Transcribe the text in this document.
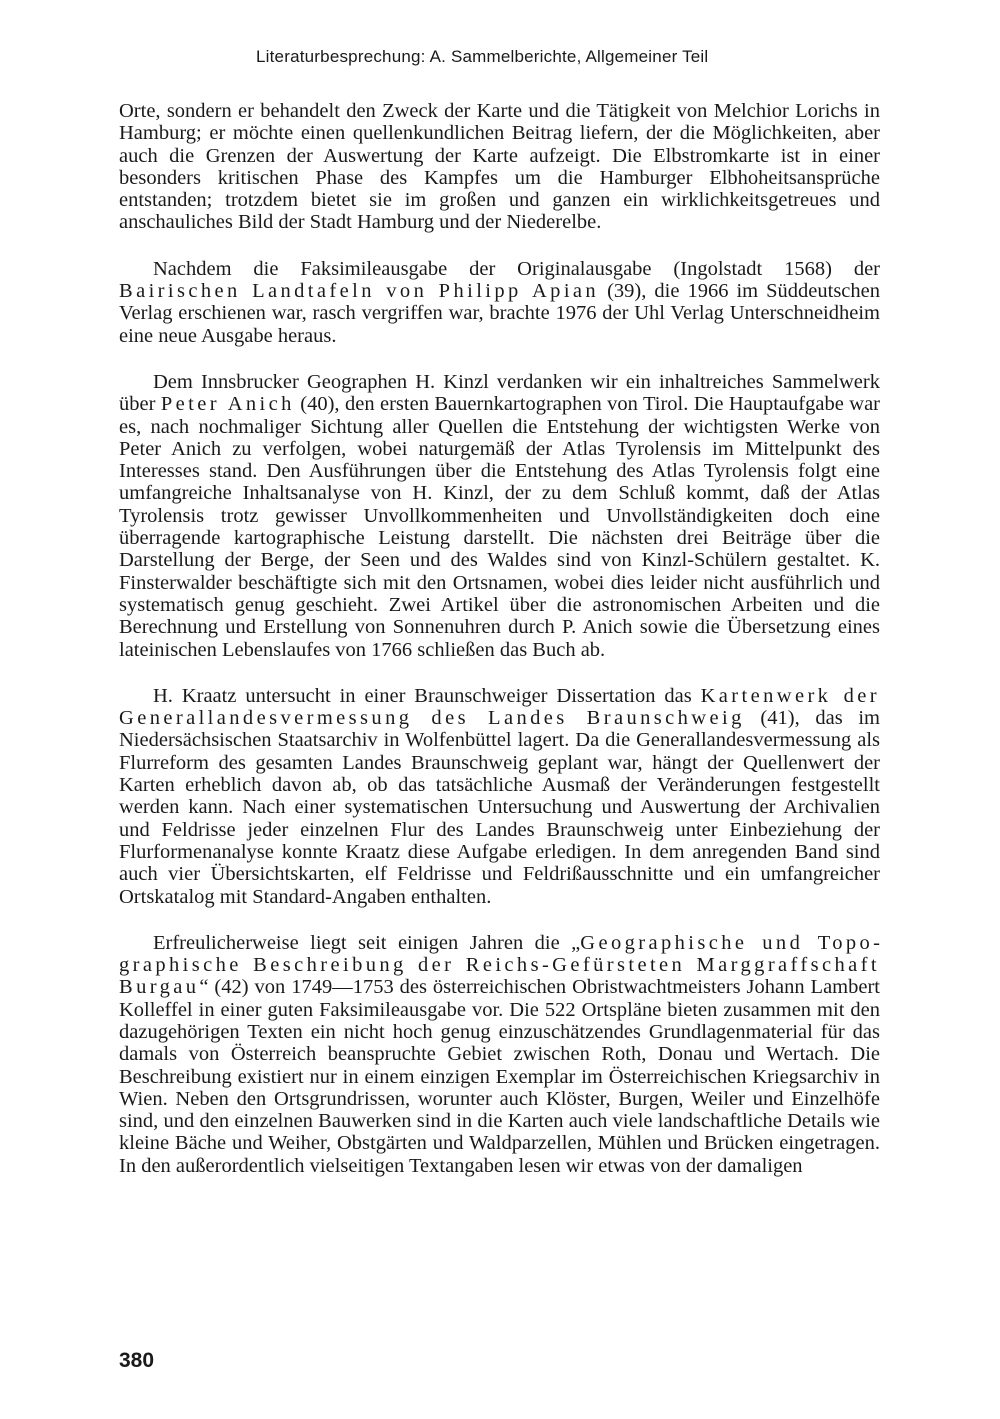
Literaturbesprechung: A. Sammelberichte, Allgemeiner Teil

Orte, sondern er behandelt den Zweck der Karte und die Tätigkeit von Melchior Lorichs in Hamburg; er möchte einen quellenkundlichen Beitrag liefern, der die Möglichkeiten, aber auch die Grenzen der Auswertung der Karte aufzeigt. Die Elbstromkarte ist in einer besonders kritischen Phase des Kampfes um die Hamburger Elbhoheitsansprüche entstanden; trotzdem bietet sie im großen und ganzen ein wirklichkeitsgetreues und anschauliches Bild der Stadt Hamburg und der Niederelbe.

Nachdem die Faksimileausgabe der Originalausgabe (Ingolstadt 1568) der Bairischen Landtafeln von Philipp Apian (39), die 1966 im Süddeutschen Verlag erschienen war, rasch vergriffen war, brachte 1976 der Uhl Verlag Unterschneidheim eine neue Ausgabe heraus.

Dem Innsbrucker Geographen H. Kinzl verdanken wir ein inhaltreiches Sammelwerk über Peter Anich (40), den ersten Bauernkartographen von Tirol. Die Hauptaufgabe war es, nach nochmaliger Sichtung aller Quellen die Entstehung der wichtigsten Werke von Peter Anich zu verfolgen, wobei naturgemäß der Atlas Tyrolensis im Mittelpunkt des Interesses stand. Den Ausführungen über die Entstehung des Atlas Tyrolensis folgt eine umfangreiche Inhaltsanalyse von H. Kinzl, der zu dem Schluß kommt, daß der Atlas Tyrolensis trotz gewisser Unvollkommenheiten und Unvollständigkeiten doch eine überragende kartographische Leistung darstellt. Die nächsten drei Beiträge über die Darstellung der Berge, der Seen und des Waldes sind von Kinzl-Schülern gestaltet. K. Finsterwalder beschäftigte sich mit den Ortsnamen, wobei dies leider nicht ausführlich und systematisch genug geschieht. Zwei Artikel über die astronomischen Arbeiten und die Berechnung und Erstellung von Sonnenuhren durch P. Anich sowie die Übersetzung eines lateinischen Lebenslaufes von 1766 schließen das Buch ab.

H. Kraatz untersucht in einer Braunschweiger Dissertation das Kartenwerk der Generallandesvermessung des Landes Braunschweig (41), das im Niedersächsischen Staatsarchiv in Wolfenbüttel lagert. Da die Generallandesvermessung als Flurreform des gesamten Landes Braunschweig geplant war, hängt der Quellenwert der Karten erheblich davon ab, ob das tatsächliche Ausmaß der Veränderungen festgestellt werden kann. Nach einer systematischen Untersuchung und Auswertung der Archivalien und Feldrisse jeder einzelnen Flur des Landes Braunschweig unter Einbeziehung der Flurformenanalyse konnte Kraatz diese Aufgabe erledigen. In dem anregenden Band sind auch vier Übersichtskarten, elf Feldrisse und Feldrißausschnitte und ein umfangreicher Ortskatalog mit Standard-Angaben enthalten.

Erfreulicherweise liegt seit einigen Jahren die „Geographische und Topographische Beschreibung der Reichs-Gefürsteten Marggraffschaft Burgau“ (42) von 1749—1753 des österreichischen Obristwachtmeisters Johann Lambert Kolleffel in einer guten Faksimileausgabe vor. Die 522 Ortspläne bieten zusammen mit den dazugehörigen Texten ein nicht hoch genug einzuschätzendes Grundlagenmaterial für das damals von Österreich beanspruchte Gebiet zwischen Roth, Donau und Wertach. Die Beschreibung existiert nur in einem einzigen Exemplar im Österreichischen Kriegsarchiv in Wien. Neben den Ortsgrundrissen, worunter auch Klöster, Burgen, Weiler und Einzelhöfe sind, und den einzelnen Bauwerken sind in die Karten auch viele landschaftliche Details wie kleine Bäche und Weiher, Obstgärten und Waldparzellen, Mühlen und Brücken eingetragen. In den außerordentlich vielseitigen Textangaben lesen wir etwas von der damaligen

380
